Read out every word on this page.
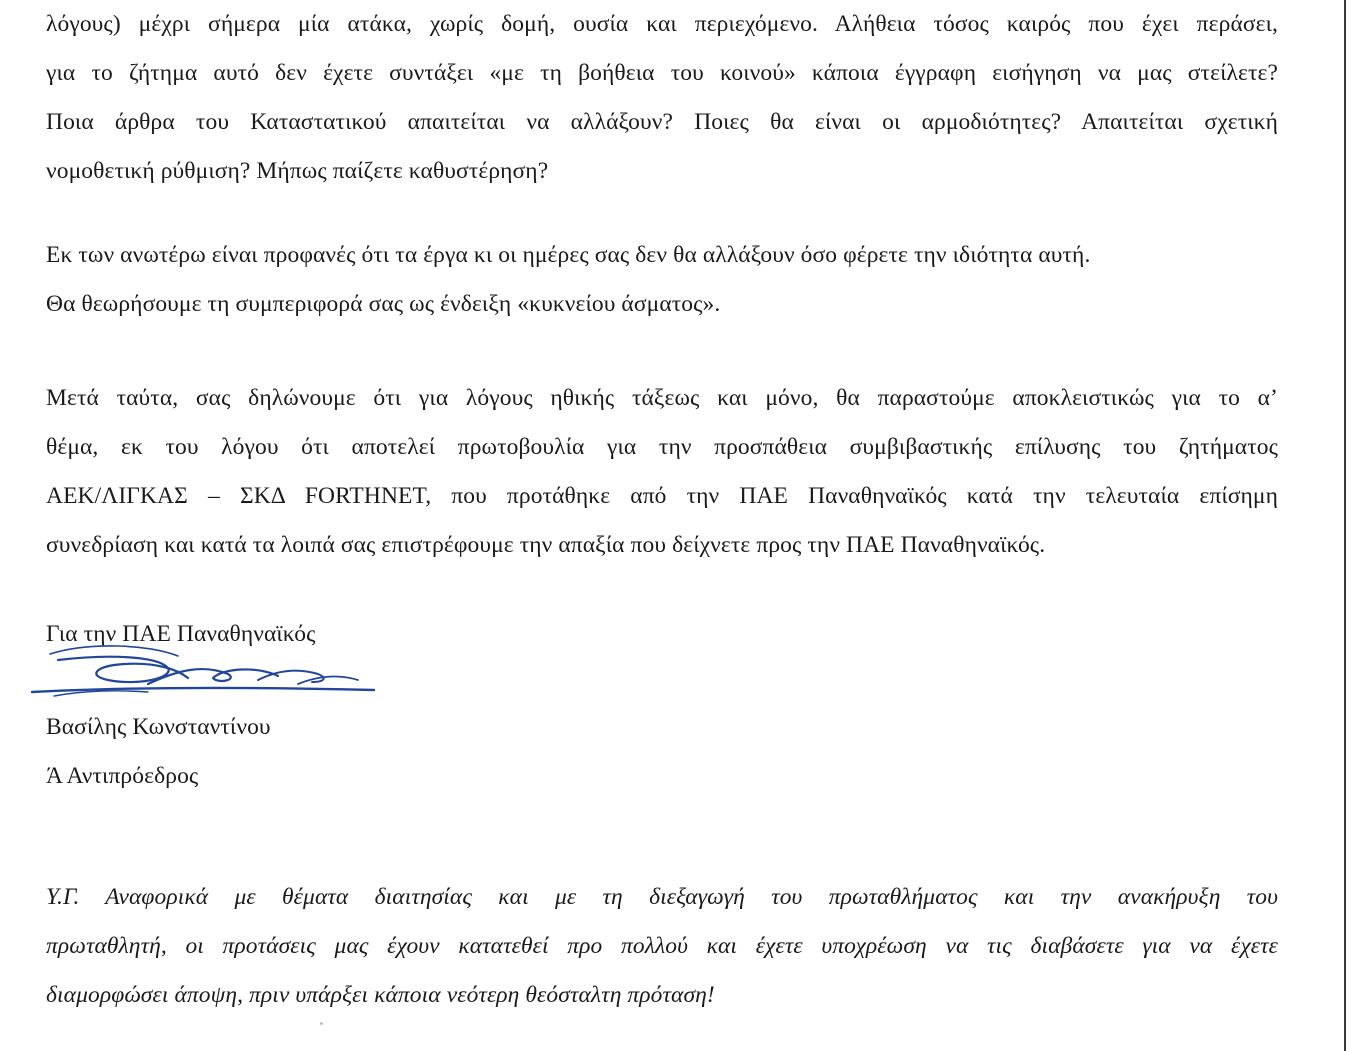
λόγους) μέχρι σήμερα μία ατάκα, χωρίς δομή, ουσία και περιεχόμενο. Αλήθεια τόσος καιρός που έχει περάσει,
για το ζήτημα αυτό δεν έχετε συντάξει «με τη βοήθεια του κοινού» κάποια έγγραφη εισήγηση να μας στείλετε?
Ποια άρθρα του Καταστατικού απαιτείται να αλλάξουν? Ποιες θα είναι οι αρμοδιότητες? Απαιτείται σχετική
νομοθετική ρύθμιση? Μήπως παίζετε καθυστέρηση?
Εκ των ανωτέρω είναι προφανές ότι τα έργα κι οι ημέρες σας δεν θα αλλάξουν όσο φέρετε την ιδιότητα αυτή.
Θα θεωρήσουμε τη συμπεριφορά σας ως ένδειξη «κυκνείου άσματος».
Μετά ταύτα, σας δηλώνουμε ότι για λόγους ηθικής τάξεως και μόνο, θα παραστούμε αποκλειστικώς για το α’
θέμα, εκ του λόγου ότι αποτελεί πρωτοβουλία για την προσπάθεια συμβιβαστικής επίλυσης του ζητήματος
ΑΕΚ/ΛΙΓΚΑΣ – ΣΚΔ FORTHNET, που προτάθηκε από την ΠΑΕ Παναθηναϊκός κατά την τελευταία επίσημη
συνεδρίαση και κατά τα λοιπά σας επιστρέφουμε την απαξία που δείχνετε προς την ΠΑΕ Παναθηναϊκός.
Για την ΠΑΕ Παναθηναϊκός
Βασίλης Κωνσταντίνου
Ά Αντιπρόεδρος
Υ.Γ. Αναφορικά με θέματα διαιτησίας και με τη διεξαγωγή του πρωταθλήματος και την ανακήρυξη του
πρωταθλητή, οι προτάσεις μας έχουν κατατεθεί προ πολλού και έχετε υποχρέωση να τις διαβάσετε για να έχετε
διαμορφώσει άποψη, πριν υπάρξει κάποια νεότερη θεόσταλτη πρόταση!
